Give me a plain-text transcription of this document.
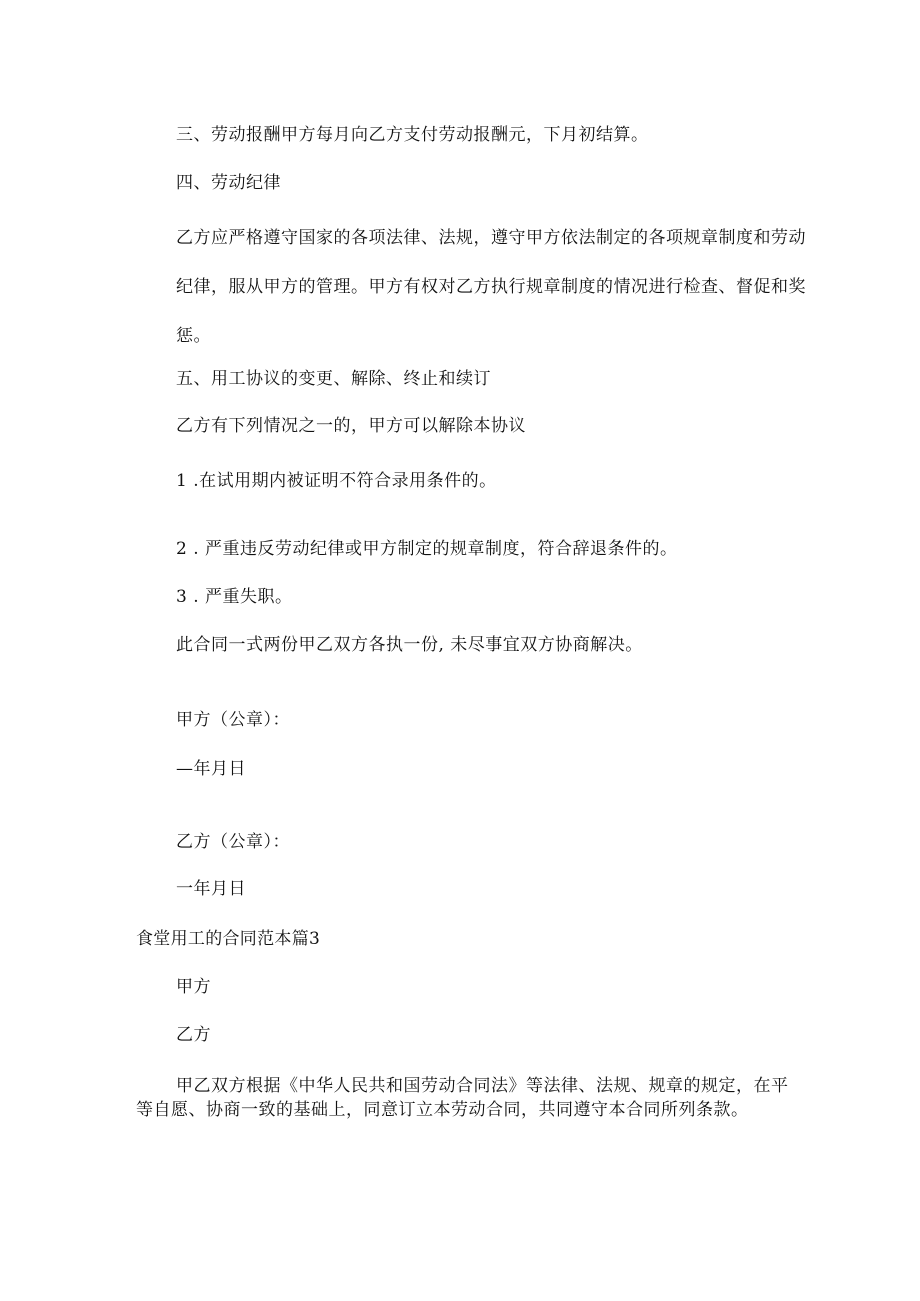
三、劳动报酬甲方每月向乙方支付劳动报酬元，下月初结算。
四、劳动纪律
乙方应严格遵守国家的各项法律、法规，遵守甲方依法制定的各项规章制度和劳动纪律，服从甲方的管理。甲方有权对乙方执行规章制度的情况进行检查、督促和奖惩。
五、用工协议的变更、解除、终止和续订
乙方有下列情况之一的，甲方可以解除本协议
1 .在试用期内被证明不符合录用条件的。
2 . 严重违反劳动纪律或甲方制定的规章制度，符合辞退条件的。
3 . 严重失职。
此合同一式两份甲乙双方各执一份, 未尽事宜双方协商解决。
甲方（公章）：
—年月日
乙方（公章）：
一年月日
食堂用工的合同范本篇3
甲方
乙方
甲乙双方根据《中华人民共和国劳动合同法》等法律、法规、规章的规定，在平等自愿、协商一致的基础上，同意订立本劳动合同，共同遵守本合同所列条款。
